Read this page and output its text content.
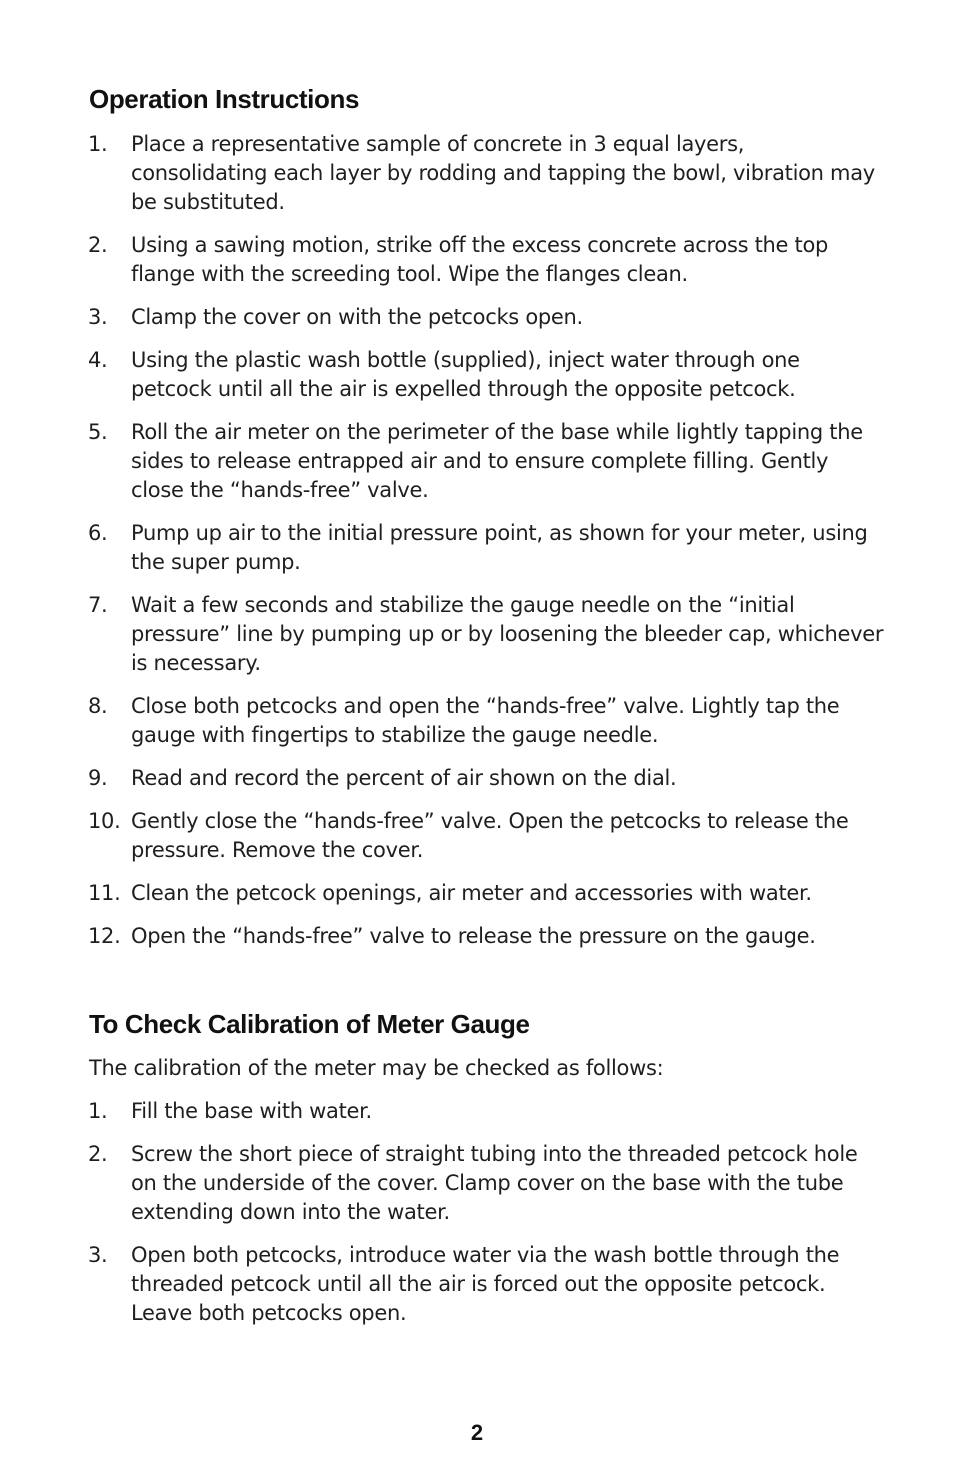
Operation Instructions
1. Place a representative sample of concrete in 3 equal layers, consolidating each layer by rodding and tapping the bowl, vibration may be substituted.
2. Using a sawing motion, strike off the excess concrete across the top flange with the screeding tool. Wipe the flanges clean.
3. Clamp the cover on with the petcocks open.
4. Using the plastic wash bottle (supplied), inject water through one petcock until all the air is expelled through the opposite petcock.
5. Roll the air meter on the perimeter of the base while lightly tapping the sides to release entrapped air and to ensure complete filling. Gently close the “hands-free” valve.
6. Pump up air to the initial pressure point, as shown for your meter, using the super pump.
7. Wait a few seconds and stabilize the gauge needle on the “initial pressure” line by pumping up or by loosening the bleeder cap, whichever is necessary.
8. Close both petcocks and open the “hands-free” valve. Lightly tap the gauge with fingertips to stabilize the gauge needle.
9. Read and record the percent of air shown on the dial.
10. Gently close the “hands-free” valve. Open the petcocks to release the pressure. Remove the cover.
11. Clean the petcock openings, air meter and accessories with water.
12. Open the “hands-free” valve to release the pressure on the gauge.
To Check Calibration of Meter Gauge

The calibration of the meter may be checked as follows:

1. Fill the base with water.
2. Screw the short piece of straight tubing into the threaded petcock hole on the underside of the cover. Clamp cover on the base with the tube extending down into the water.
3. Open both petcocks, introduce water via the wash bottle through the threaded petcock until all the air is forced out the opposite petcock. Leave both petcocks open.
2
